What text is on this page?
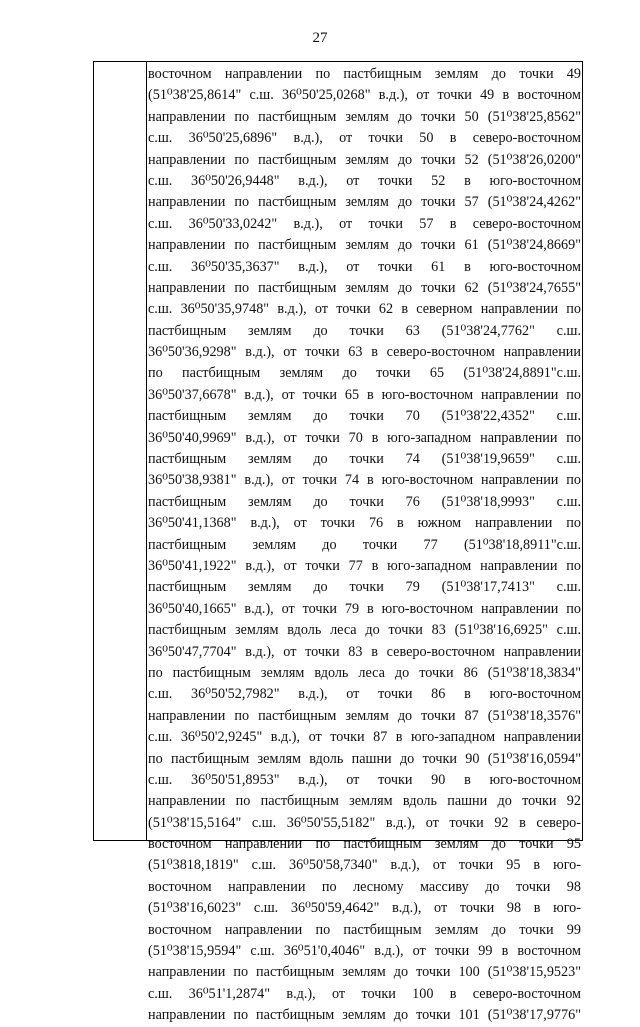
27
восточном направлении по пастбищным землям до точки 49
(51⁰38'25,8614" с.ш. 36⁰50'25,0268" в.д.), от точки 49 в восточном
направлении по пастбищным землям до точки 50 (51⁰38'25,8562"
с.ш. 36⁰50'25,6896" в.д.), от точки 50 в северо-восточном
направлении по пастбищным землям до точки 52 (51⁰38'26,0200"
с.ш. 36⁰50'26,9448" в.д.), от точки 52 в юго-восточном
направлении по пастбищным землям до точки 57 (51⁰38'24,4262"
с.ш. 36⁰50'33,0242" в.д.), от точки 57 в северо-восточном
направлении по пастбищным землям до точки 61 (51⁰38'24,8669"
с.ш. 36⁰50'35,3637" в.д.), от точки 61 в юго-восточном
направлении по пастбищным землям до точки 62 (51⁰38'24,7655"
с.ш. 36⁰50'35,9748" в.д.), от точки 62 в северном направлении по
пастбищным землям до точки 63 (51⁰38'24,7762" с.ш.
36⁰50'36,9298" в.д.), от точки 63 в северо-восточном направлении
по пастбищным землям до точки 65 (51⁰38'24,8891"с.ш.
36⁰50'37,6678" в.д.), от точки 65 в юго-восточном направлении по
пастбищным землям до точки 70 (51⁰38'22,4352" с.ш.
36⁰50'40,9969" в.д.), от точки 70 в юго-западном направлении по
пастбищным землям до точки 74 (51⁰38'19,9659" с.ш.
36⁰50'38,9381" в.д.), от точки 74 в юго-восточном направлении по
пастбищным землям до точки 76 (51⁰38'18,9993" с.ш.
36⁰50'41,1368" в.д.), от точки 76 в южном направлении по
пастбищным землям до точки 77 (51⁰38'18,8911"с.ш.
36⁰50'41,1922" в.д.), от точки 77 в юго-западном направлении по
пастбищным землям до точки 79 (51⁰38'17,7413" с.ш.
36⁰50'40,1665" в.д.), от точки 79 в юго-восточном направлении по
пастбищным землям вдоль леса до точки 83 (51⁰38'16,6925" с.ш.
36⁰50'47,7704" в.д.), от точки 83 в северо-восточном направлении
по пастбищным землям вдоль леса до точки 86 (51⁰38'18,3834"
с.ш. 36⁰50'52,7982" в.д.), от точки 86 в юго-восточном
направлении по пастбищным землям до точки 87 (51⁰38'18,3576"
с.ш. 36⁰50'2,9245" в.д.), от точки 87 в юго-западном направлении
по пастбищным землям вдоль пашни до точки 90 (51⁰38'16,0594"
с.ш. 36⁰50'51,8953" в.д.), от точки 90 в юго-восточном
направлении по пастбищным землям вдоль пашни до точки 92
(51⁰38'15,5164" с.ш. 36⁰50'55,5182" в.д.), от точки 92 в северо-
восточном направлении по пастбищным землям до точки 95
(51⁰3818,1819" с.ш. 36⁰50'58,7340" в.д.), от точки 95 в юго-
восточном направлении по лесному массиву до точки 98
(51⁰38'16,6023" с.ш. 36⁰50'59,4642" в.д.), от точки 98 в юго-
восточном направлении по пастбищным землям до точки 99
(51⁰38'15,9594" с.ш. 36⁰51'0,4046" в.д.), от точки 99 в восточном
направлении по пастбищным землям до точки 100 (51⁰38'15,9523"
с.ш. 36⁰51'1,2874" в.д.), от точки 100 в северо-восточном
направлении по пастбищным землям до точки 101 (51⁰38'17,9776"
